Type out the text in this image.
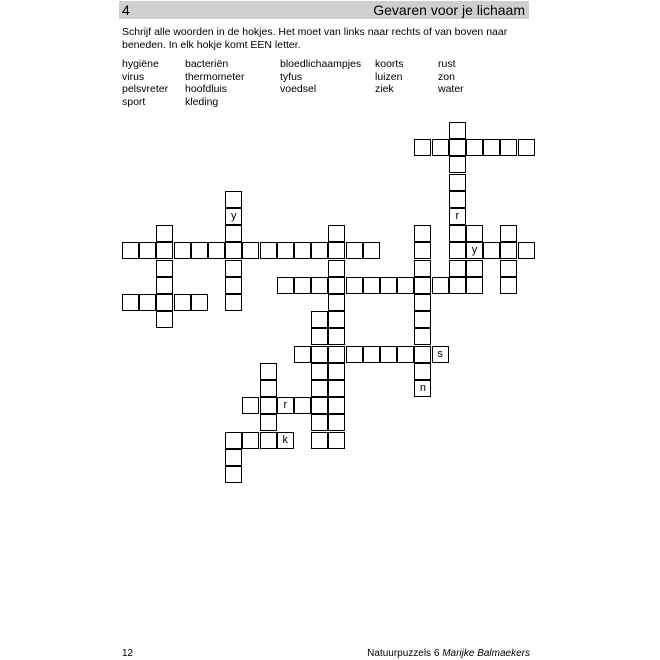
4	Gevaren voor je lichaam
Schrijf alle woorden in de hokjes. Het moet van links naar rechts of van boven naar beneden. In elk hokje komt EEN letter.
hygiëne
virus
pelsvreter
sport
bacteriën
thermometer
hoofdluis
kleding
bloedlichaampjes
tyfus
voedsel
koorts
luizen
ziek
rust
zon
water
y
s
r
k
r
y
n
12	Natuurpuzzels 6 Marijke Balmaekers
